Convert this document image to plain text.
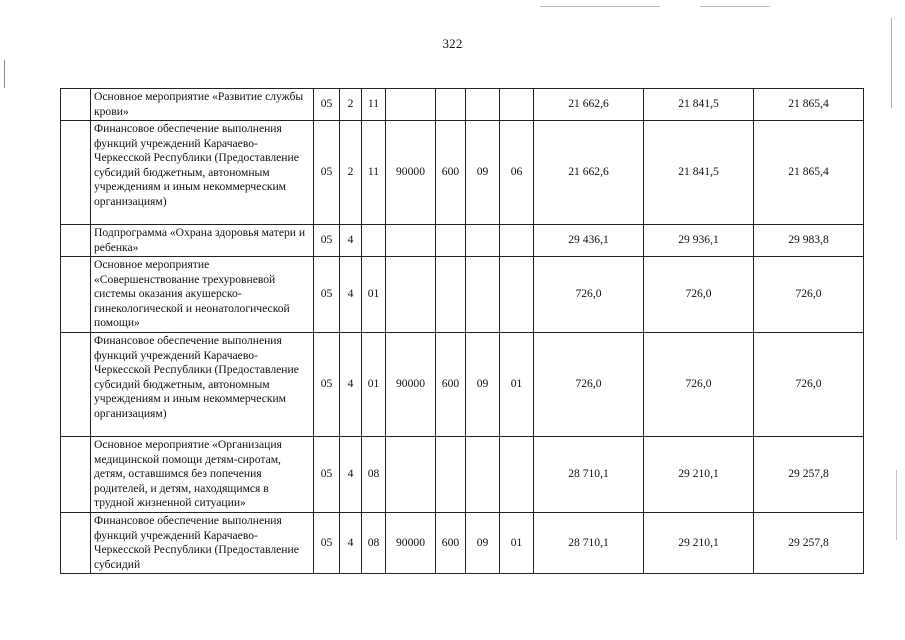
322
	Основное мероприятие «Развитие службы крови»	05	2	11					21 662,6	21 841,5	21 865,4
	Финансовое обеспечение выполнения функций учреждений Карачаево-Черкесской Республики (Предоставление субсидий бюджетным, автономным учреждениям и иным некоммерческим организациям)	05	2	11	90000	600	09	06	21 662,6	21 841,5	21 865,4
	Подпрограмма «Охрана здоровья матери и ребенка»	05	4						29 436,1	29 936,1	29 983,8
	Основное мероприятие «Совершенствование трехуровневой системы оказания акушерско-гинекологической и неонатологической помощи»	05	4	01					726,0	726,0	726,0
	Финансовое обеспечение выполнения функций учреждений Карачаево-Черкесской Республики (Предоставление субсидий бюджетным, автономным учреждениям и иным некоммерческим организациям)	05	4	01	90000	600	09	01	726,0	726,0	726,0
	Основное мероприятие «Организация медицинской помощи детям-сиротам, детям, оставшимся без попечения родителей, и детям, находящимся в трудной жизненной ситуации»	05	4	08					28 710,1	29 210,1	29 257,8
	Финансовое обеспечение выполнения функций учреждений Карачаево-Черкесской Республики (Предоставление субсидий	05	4	08	90000	600	09	01	28 710,1	29 210,1	29 257,8
